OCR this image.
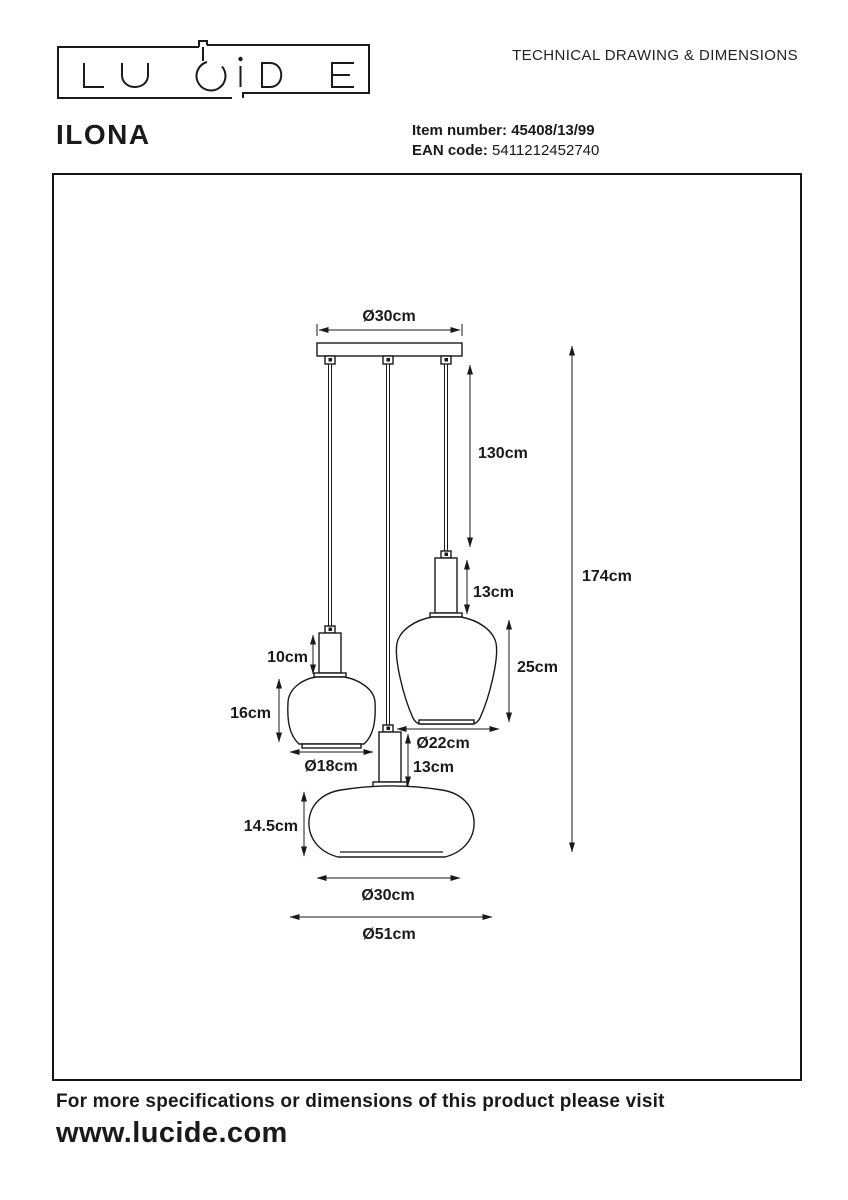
TECHNICAL DRAWING & DIMENSIONS
ILONA	Item number: 45408/13/99
EAN code: 5411212452740
Ø30cm
130cm
174cm
13cm
25cm
10cm
16cm
Ø18cm	13cm
Ø22cm
14.5cm
Ø30cm
Ø51cm
For more specifications or dimensions of this product please visit
www.lucide.com
